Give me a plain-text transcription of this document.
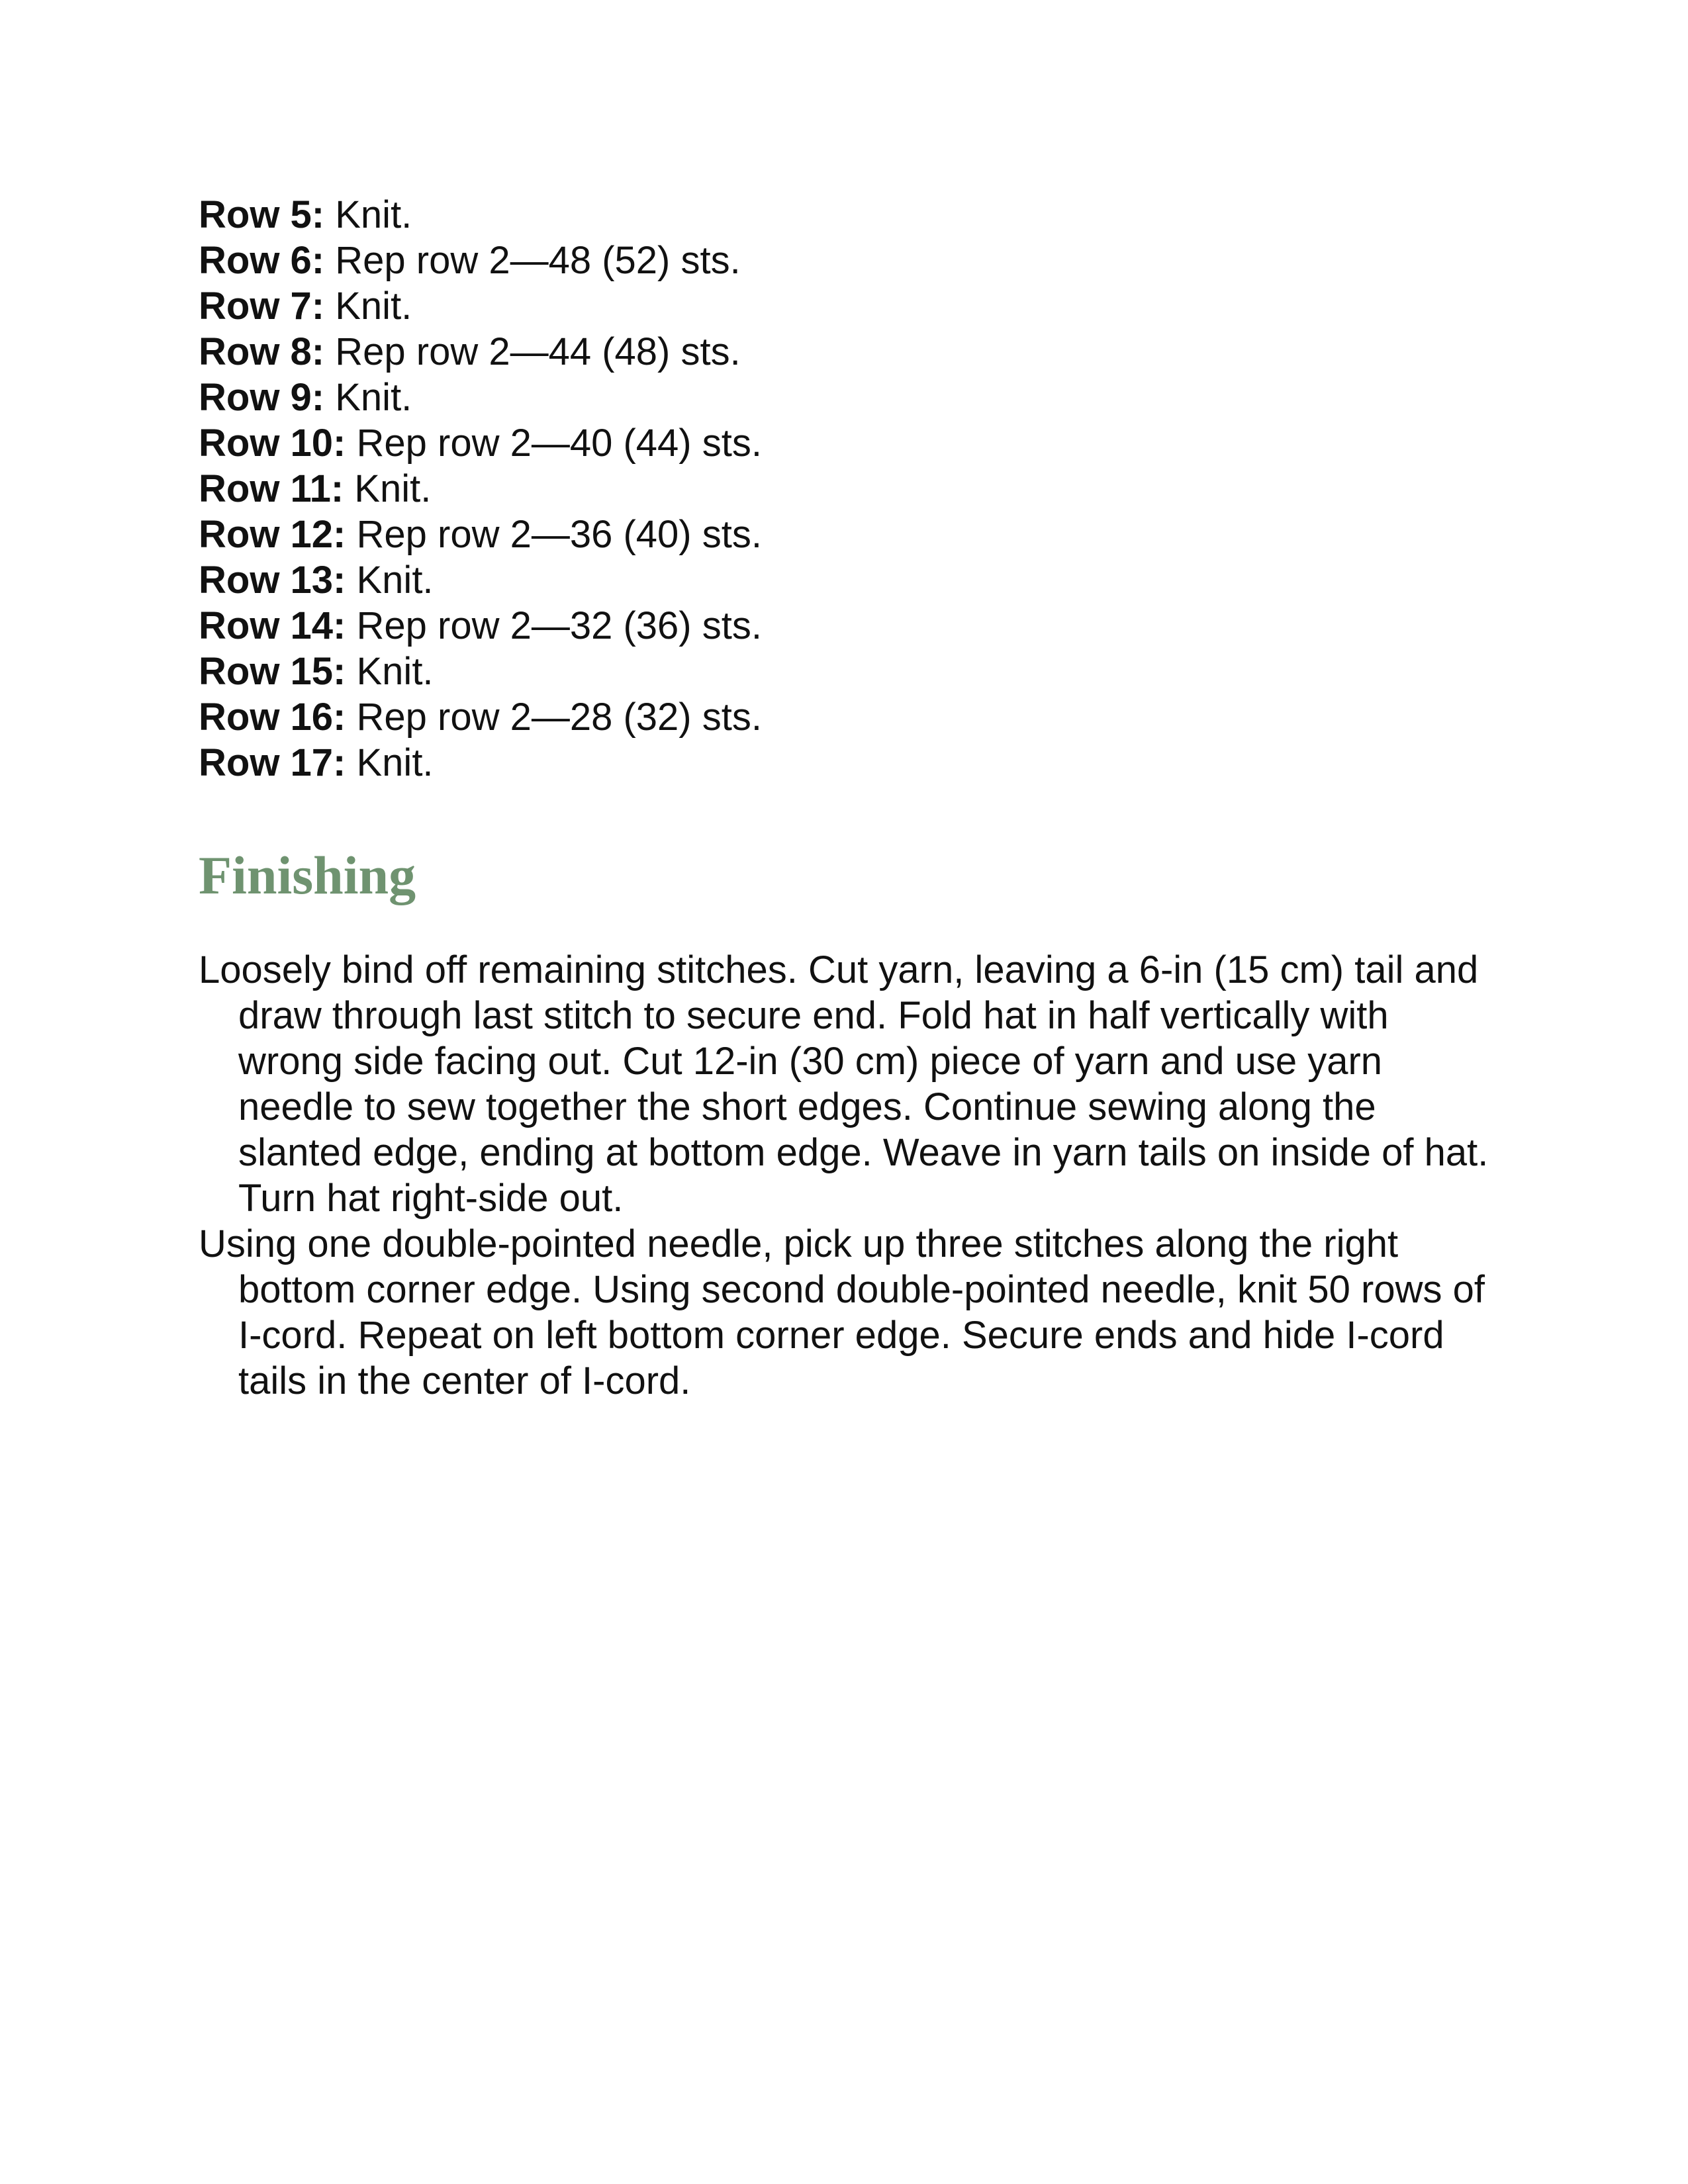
Row 5: Knit.
Row 6: Rep row 2—48 (52) sts.
Row 7: Knit.
Row 8: Rep row 2—44 (48) sts.
Row 9: Knit.
Row 10: Rep row 2—40 (44) sts.
Row 11: Knit.
Row 12: Rep row 2—36 (40) sts.
Row 13: Knit.
Row 14: Rep row 2—32 (36) sts.
Row 15: Knit.
Row 16: Rep row 2—28 (32) sts.
Row 17: Knit.
Finishing

Loosely bind off remaining stitches. Cut yarn, leaving a 6-in (15 cm) tail and draw through last stitch to secure end. Fold hat in half vertically with wrong side facing out. Cut 12-in (30 cm) piece of yarn and use yarn needle to sew together the short edges. Continue sewing along the slanted edge, ending at bottom edge. Weave in yarn tails on inside of hat. Turn hat right-side out.

Using one double-pointed needle, pick up three stitches along the right bottom corner edge. Using second double-pointed needle, knit 50 rows of I-cord. Repeat on left bottom corner edge. Secure ends and hide I-cord tails in the center of I-cord.
